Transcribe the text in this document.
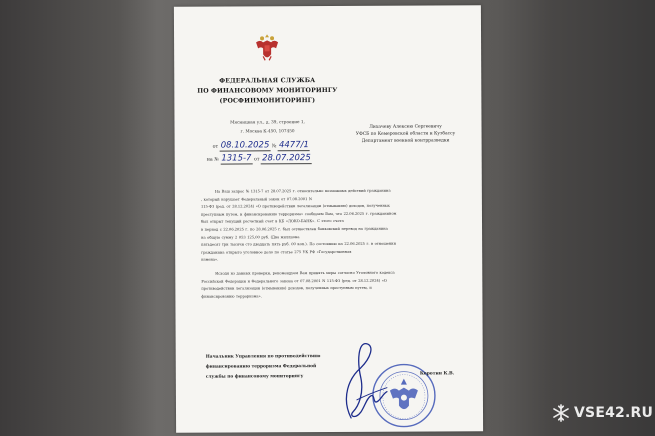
ФЕДЕРАЛЬНАЯ СЛУЖБА
ПО ФИНАНСОВОМУ МОНИТОРИНГУ
(РОСФИНМОНИТОРИНГ)
Мясницкая ул., д. 39, строение 1,
г. Москва К-450, 107450
от 08.10.2025 № 4477/1
на № 1315-7 от 28.07.2025
Лихачеву Алексею Сергеевичу
УФСБ по Кемеровской области и Кузбассу
Департамент военной контрразведки
На Ваш запрос № 1315-7 от 28.07.2025 г. относительно возможных действий гражданина
, который нарушает Федеральный закон от 07.08.2001 N
115-ФЗ (ред. от 28.12.2024) «О противодействии легализации (отмыванию) доходов, полученных
преступным путем, и финансированию терроризма» сообщаем Вам, что 22.06.2025 г. гражданином
был открыт текущий расчетный счет в КБ «ЛОКО-БАНК». С этого счета
в период с 22.06.2025 г. по 28.06.2025 г. был осуществлен банковский перевод на гражданина
на общую сумму 2 053 125,00 руб. (Два миллиона
пятьдесят три тысячи сто двадцать пять руб. 00 коп.). По состоянию на 22.06.2025 г. в отношении
гражданина открыто уголовное дело по статье 275 УК РФ «Государственная
измена».
Исходя из данных проверки, рекомендуем Вам принять меры согласно Уголовного кодекса
Российской Федерации и Федерального закона от 07.08.2001 N 115-ФЗ (ред. от 28.12.2024) «О
противодействии легализации (отмыванию) доходов, полученных преступным путем, и
финансированию терроризма».
Начальник Управления по противодействию
финансированию терроризма Федеральной
службы по финансовому мониторингу
Коротин К.В.
VSE42.RU
